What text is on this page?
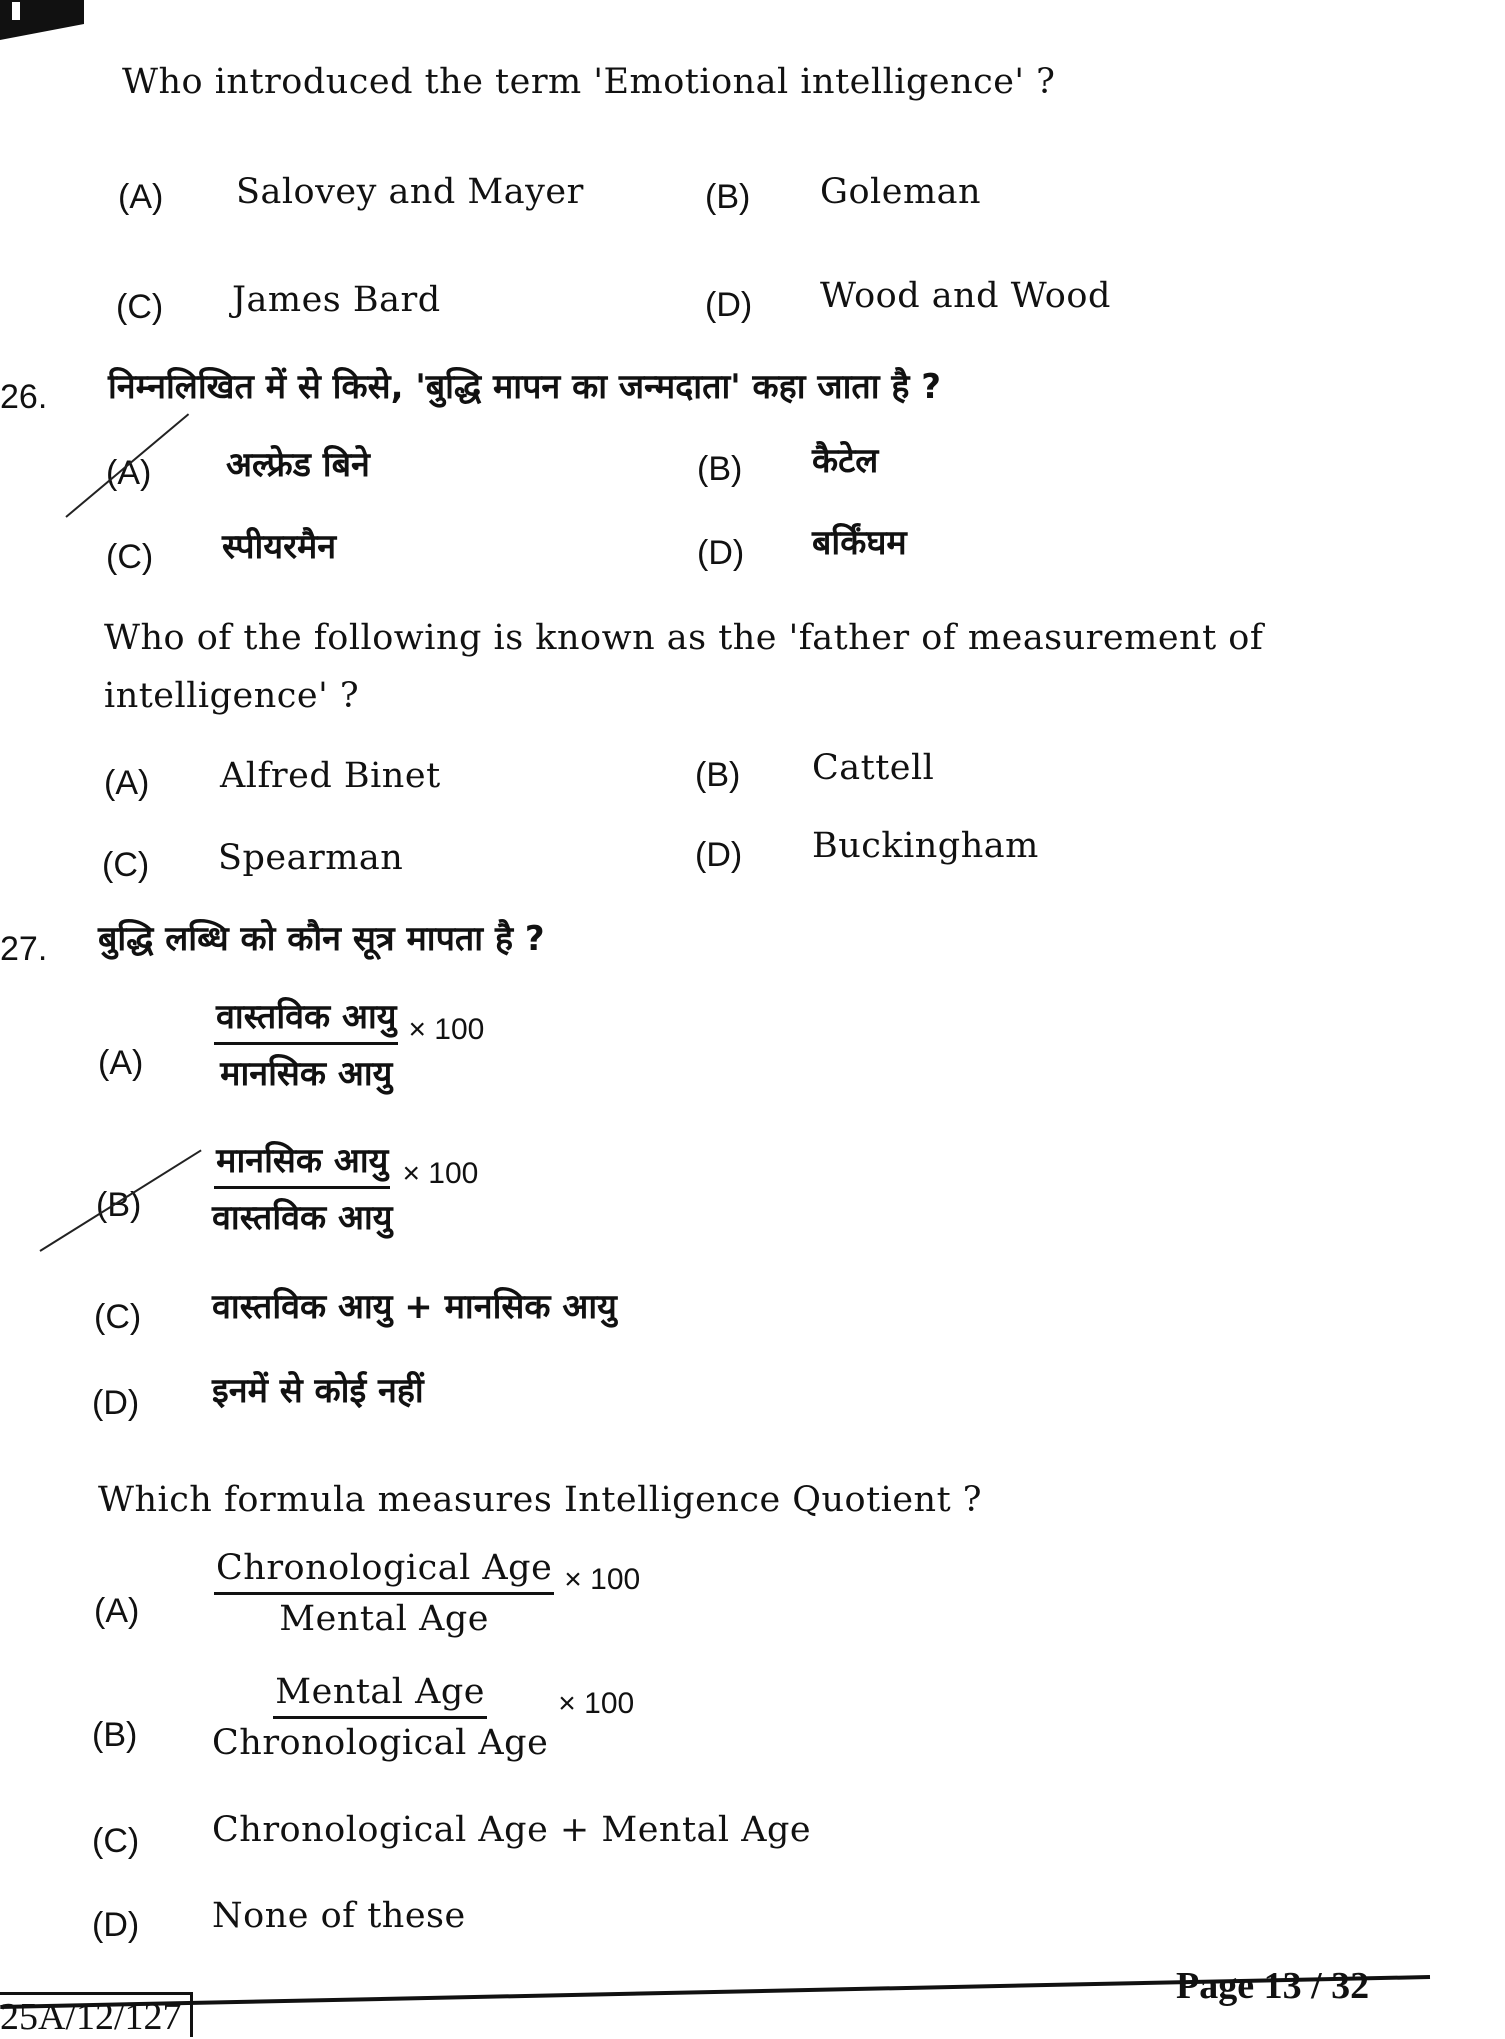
Who introduced the term 'Emotional intelligence' ?
(A) Salovey and Mayer	(B) Goleman
(C) James Bard	(D) Wood and Wood
26. निम्नलिखित में से किसे, 'बुद्धि मापन का जन्मदाता' कहा जाता है ?
(A) अल्फ्रेड बिने	(B) कैटेल
(C) स्पीयरमैन	(D) बर्किंघम
Who of the following is known as the 'father of measurement of
intelligence' ?
(A) Alfred Binet	(B) Cattell
(C) Spearman	(D) Buckingham
27. बुद्धि लब्धि को कौन सूत्र मापता है ?
$(A) \frac{\text{वास्तविक आयु}}{\text{मानसिक आयु}} \times 100$
$(B) \frac{\text{मानसिक आयु}}{\text{वास्तविक आयु}} \times 100$
(C) वास्तविक आयु + मानसिक आयु
(D) इनमें से कोई नहीं
Which formula measures Intelligence Quotient ?
$(A) \frac{\text{Chronological Age}}{\text{Mental Age}} \times 100$
$(B) \frac{\text{Mental Age}}{\text{Chronological Age}} \times 100$
(C) Chronological Age + Mental Age
(D) None of these
Page 13 / 32
25A/12/127
